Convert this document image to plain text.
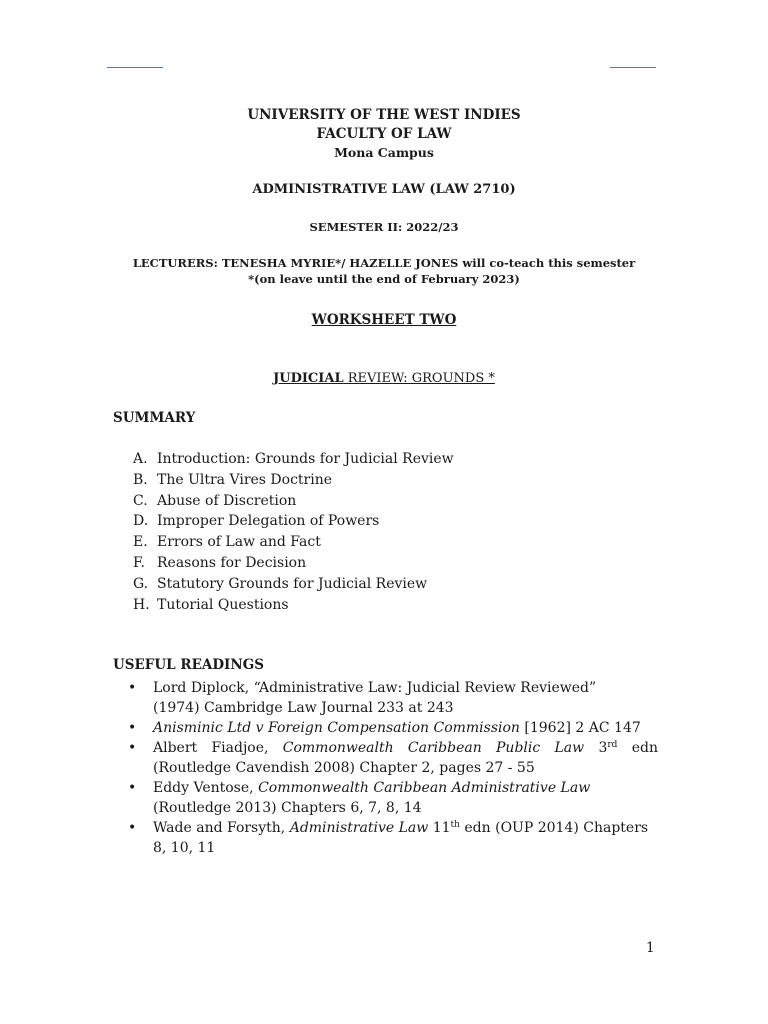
UNIVERSITY OF THE WEST INDIES
FACULTY OF LAW
Mona Campus
ADMINISTRATIVE LAW (LAW 2710)
SEMESTER II: 2022/23
LECTURERS: TENESHA MYRIE*/ HAZELLE JONES will co-teach this semester
*(on leave until the end of February 2023)
WORKSHEET TWO
JUDICIAL REVIEW: GROUNDS *
SUMMARY
A. Introduction: Grounds for Judicial Review
B. The Ultra Vires Doctrine
C. Abuse of Discretion
D. Improper Delegation of Powers
E. Errors of Law and Fact
F. Reasons for Decision
G. Statutory Grounds for Judicial Review
H. Tutorial Questions
USEFUL READINGS
• Lord Diplock, “Administrative Law: Judicial Review Reviewed”
(1974) Cambridge Law Journal 233 at 243
• Anisminic Ltd v Foreign Compensation Commission [1962] 2 AC 147
• Albert Fiadjoe, Commonwealth Caribbean Public Law 3rd edn
(Routledge Cavendish 2008) Chapter 2, pages 27 - 55
• Eddy Ventose, Commonwealth Caribbean Administrative Law
(Routledge 2013) Chapters 6, 7, 8, 14
• Wade and Forsyth, Administrative Law 11th edn (OUP 2014) Chapters
8, 10, 11
1
